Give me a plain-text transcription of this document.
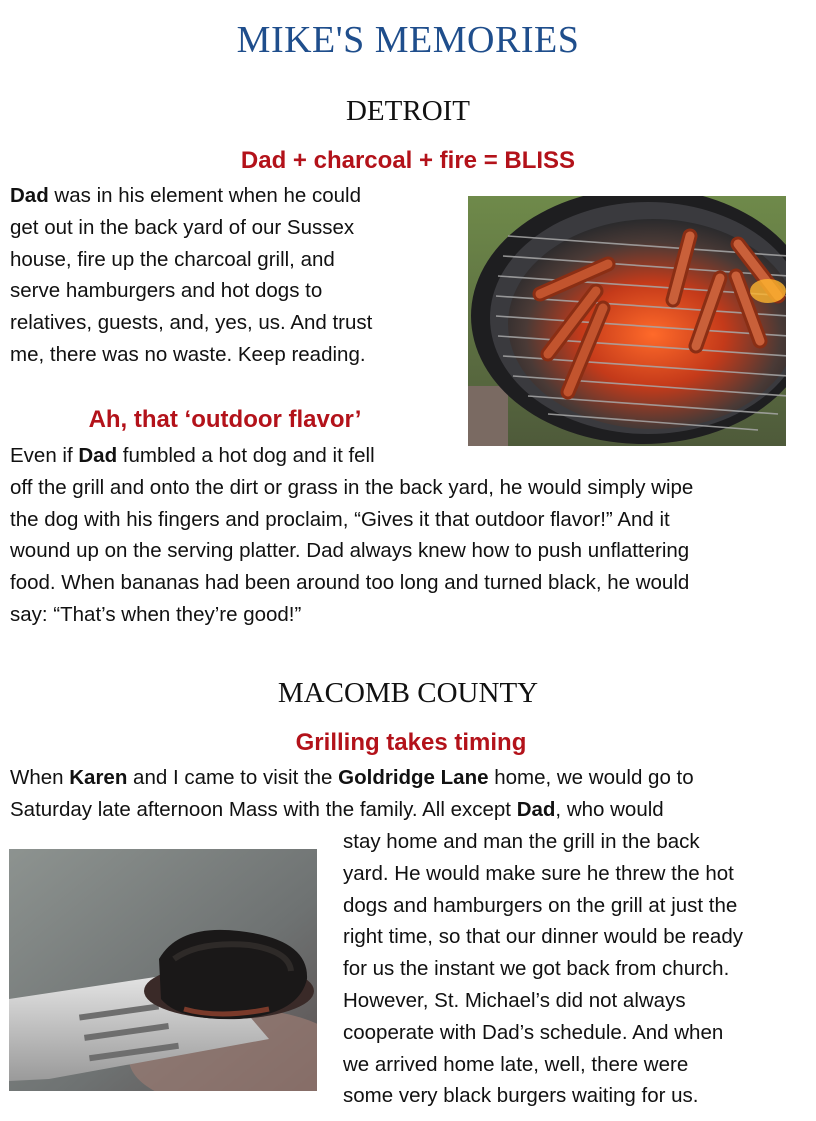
MIKE'S MEMORIES
DETROIT
Dad + charcoal + fire = BLISS
Dad was in his element when he could
get out in the back yard of our Sussex
house, fire up the charcoal grill, and
serve hamburgers and hot dogs to
relatives, guests, and, yes, us. And trust
me, there was no waste. Keep reading.
Ah, that ‘outdoor flavor’
Even if Dad fumbled a hot dog and it fell
off the grill and onto the dirt or grass in the back yard, he would simply wipe
the dog with his fingers and proclaim, “Gives it that outdoor flavor!” And it
wound up on the serving platter. Dad always knew how to push unflattering
food. When bananas had been around too long and turned black, he would
say: “That’s when they’re good!”
MACOMB COUNTY
Grilling takes timing
When Karen and I came to visit the Goldridge Lane home, we would go to
Saturday late afternoon Mass with the family. All except Dad, who would
stay home and man the grill in the back
yard. He would make sure he threw the hot
dogs and hamburgers on the grill at just the
right time, so that our dinner would be ready
for us the instant we got back from church.
However, St. Michael’s did not always
cooperate with Dad’s schedule. And when
we arrived home late, well, there were
some very black burgers waiting for us.
